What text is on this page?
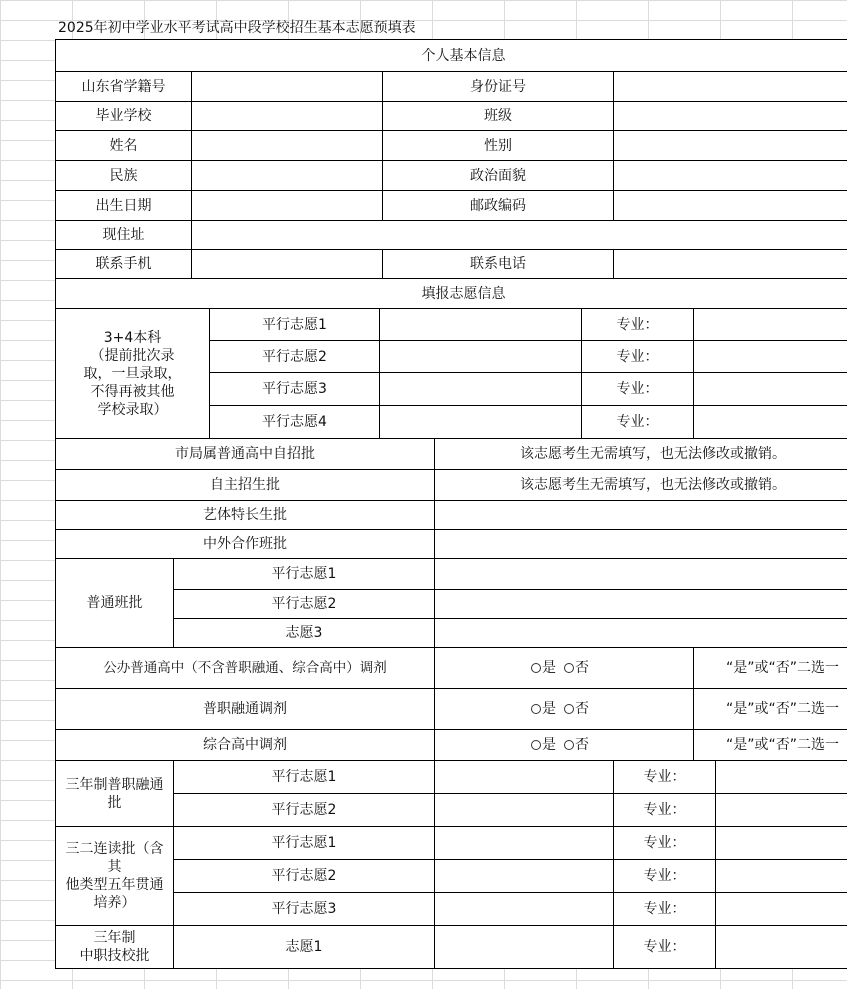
2025年初中学业水平考试高中段学校招生基本志愿预填表
个人基本信息										
山东省学籍号					身份证号					
毕业学校					班级					
姓名					性别					
民族					政治面貌					
出生日期					邮政编码					
现住址										
联系手机					联系电话					
填报志愿信息										
3+4本科
（提前批次录
取，一旦录取，
不得再被其他
学校录取）			平行志愿1				专业：			
			平行志愿2				专业：			
			平行志愿3				专业：			
			平行志愿4				专业：			
市局属普通高中自招批						该志愿考生无需填写，也无法修改或撤销。				
自主招生批						该志愿考生无需填写，也无法修改或撤销。				
艺体特长生批										
中外合作班批										
普通班批	平行志愿1									
	平行志愿2									
	志愿3									
公办普通高中（不含普职融通、综合高中）调剂						是 否			“是”或“否”二选一	
普职融通调剂						是 否			“是”或“否”二选一	
综合高中调剂						是 否			“是”或“否”二选一	
三年制普职融通
批	平行志愿1							专业：		
	平行志愿2							专业：		
三二连读批（含其
他类型五年贯通
培养）	平行志愿1							专业：		
	平行志愿2							专业：		
	平行志愿3							专业：		
三年制
中职技校批	志愿1							专业：		
